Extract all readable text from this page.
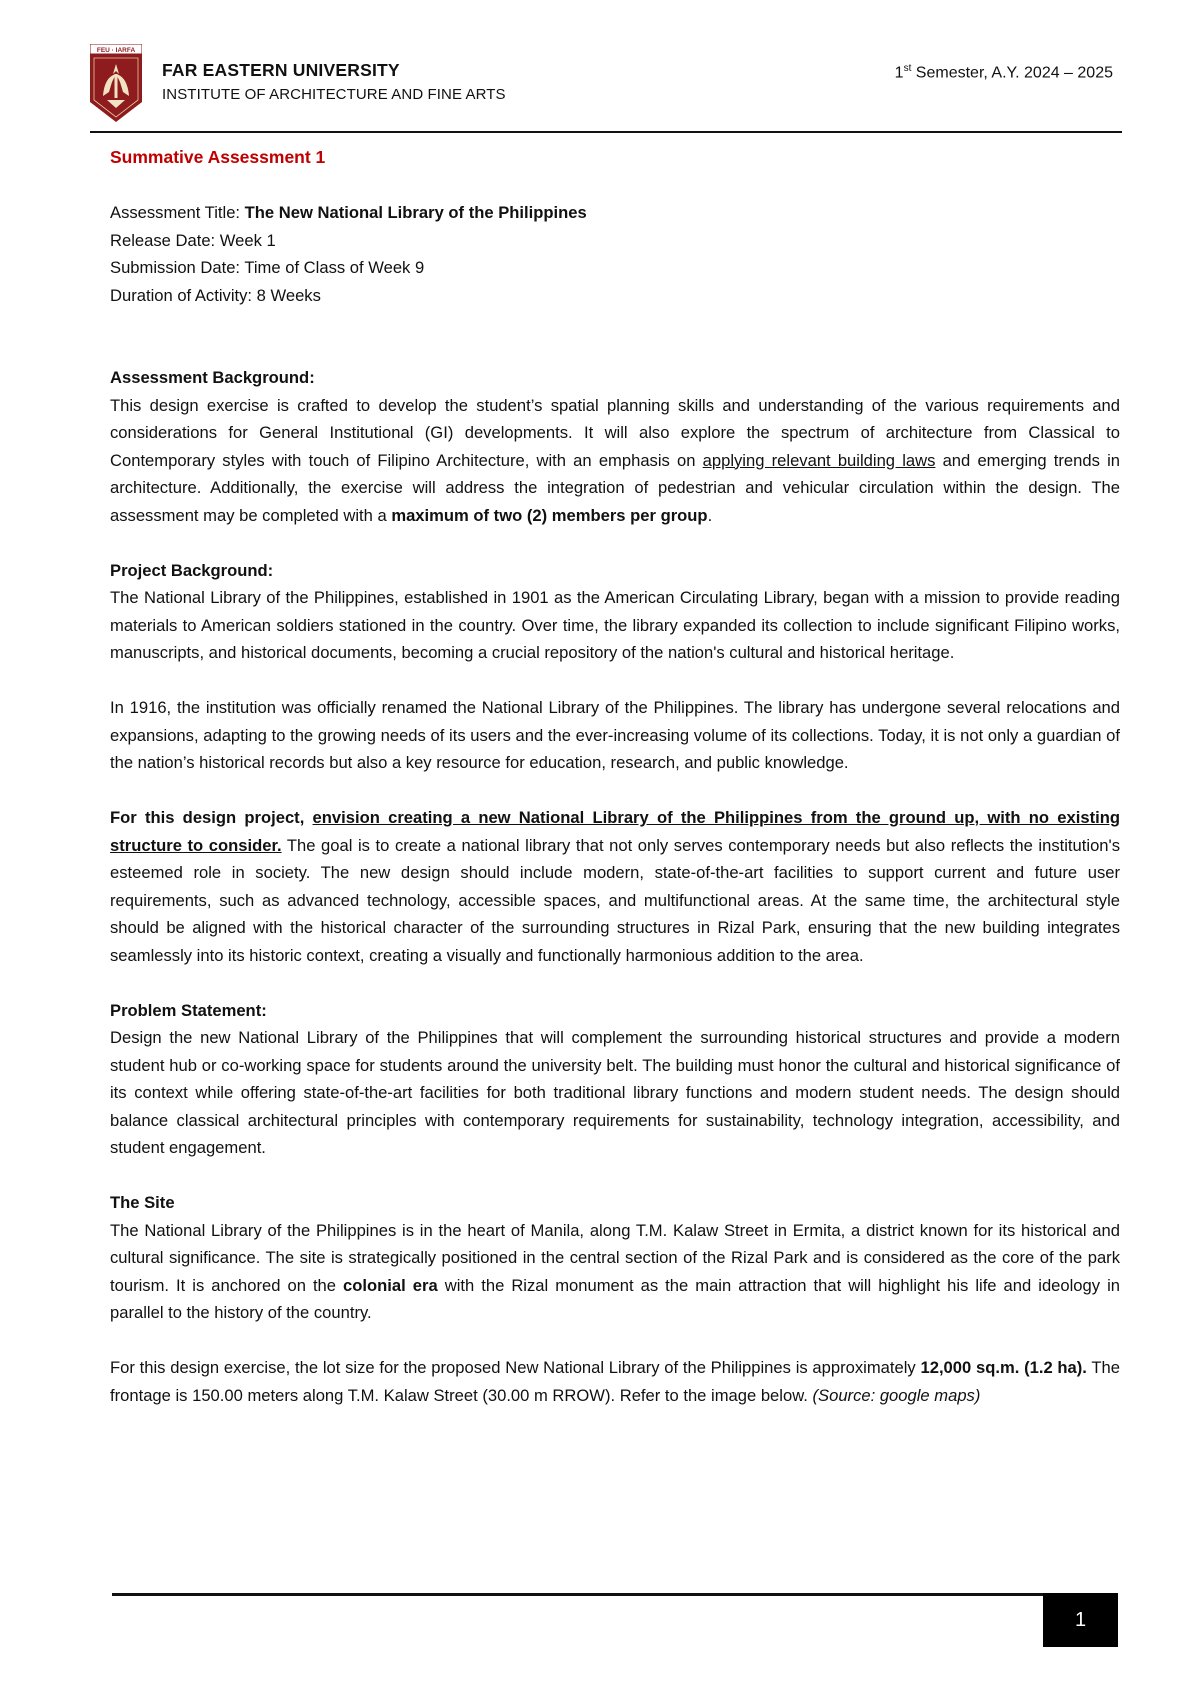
FEU · IARFA
FAR EASTERN UNIVERSITY
INSTITUTE OF ARCHITECTURE AND FINE ARTS
1st Semester, A.Y. 2024 – 2025

Summative Assessment 1

Assessment Title: The New National Library of the Philippines

Release Date: Week 1

Submission Date: Time of Class of Week 9

Duration of Activity: 8 Weeks

Assessment Background:

This design exercise is crafted to develop the student’s spatial planning skills and understanding of the various requirements and considerations for General Institutional (GI) developments. It will also explore the spectrum of architecture from Classical to Contemporary styles with touch of Filipino Architecture, with an emphasis on applying relevant building laws and emerging trends in architecture. Additionally, the exercise will address the integration of pedestrian and vehicular circulation within the design. The assessment may be completed with a maximum of two (2) members per group.

Project Background:

The National Library of the Philippines, established in 1901 as the American Circulating Library, began with a mission to provide reading materials to American soldiers stationed in the country. Over time, the library expanded its collection to include significant Filipino works, manuscripts, and historical documents, becoming a crucial repository of the nation's cultural and historical heritage.

In 1916, the institution was officially renamed the National Library of the Philippines. The library has undergone several relocations and expansions, adapting to the growing needs of its users and the ever-increasing volume of its collections. Today, it is not only a guardian of the nation’s historical records but also a key resource for education, research, and public knowledge.

For this design project, envision creating a new National Library of the Philippines from the ground up, with no existing structure to consider. The goal is to create a national library that not only serves contemporary needs but also reflects the institution's esteemed role in society. The new design should include modern, state-of-the-art facilities to support current and future user requirements, such as advanced technology, accessible spaces, and multifunctional areas. At the same time, the architectural style should be aligned with the historical character of the surrounding structures in Rizal Park, ensuring that the new building integrates seamlessly into its historic context, creating a visually and functionally harmonious addition to the area.

Problem Statement:

Design the new National Library of the Philippines that will complement the surrounding historical structures and provide a modern student hub or co-working space for students around the university belt. The building must honor the cultural and historical significance of its context while offering state-of-the-art facilities for both traditional library functions and modern student needs. The design should balance classical architectural principles with contemporary requirements for sustainability, technology integration, accessibility, and student engagement.

The Site

The National Library of the Philippines is in the heart of Manila, along T.M. Kalaw Street in Ermita, a district known for its historical and cultural significance. The site is strategically positioned in the central section of the Rizal Park and is considered as the core of the park tourism. It is anchored on the colonial era with the Rizal monument as the main attraction that will highlight his life and ideology in parallel to the history of the country.

For this design exercise, the lot size for the proposed New National Library of the Philippines is approximately 12,000 sq.m. (1.2 ha). The frontage is 150.00 meters along T.M. Kalaw Street (30.00 m RROW). Refer to the image below. (Source: google maps)

1
